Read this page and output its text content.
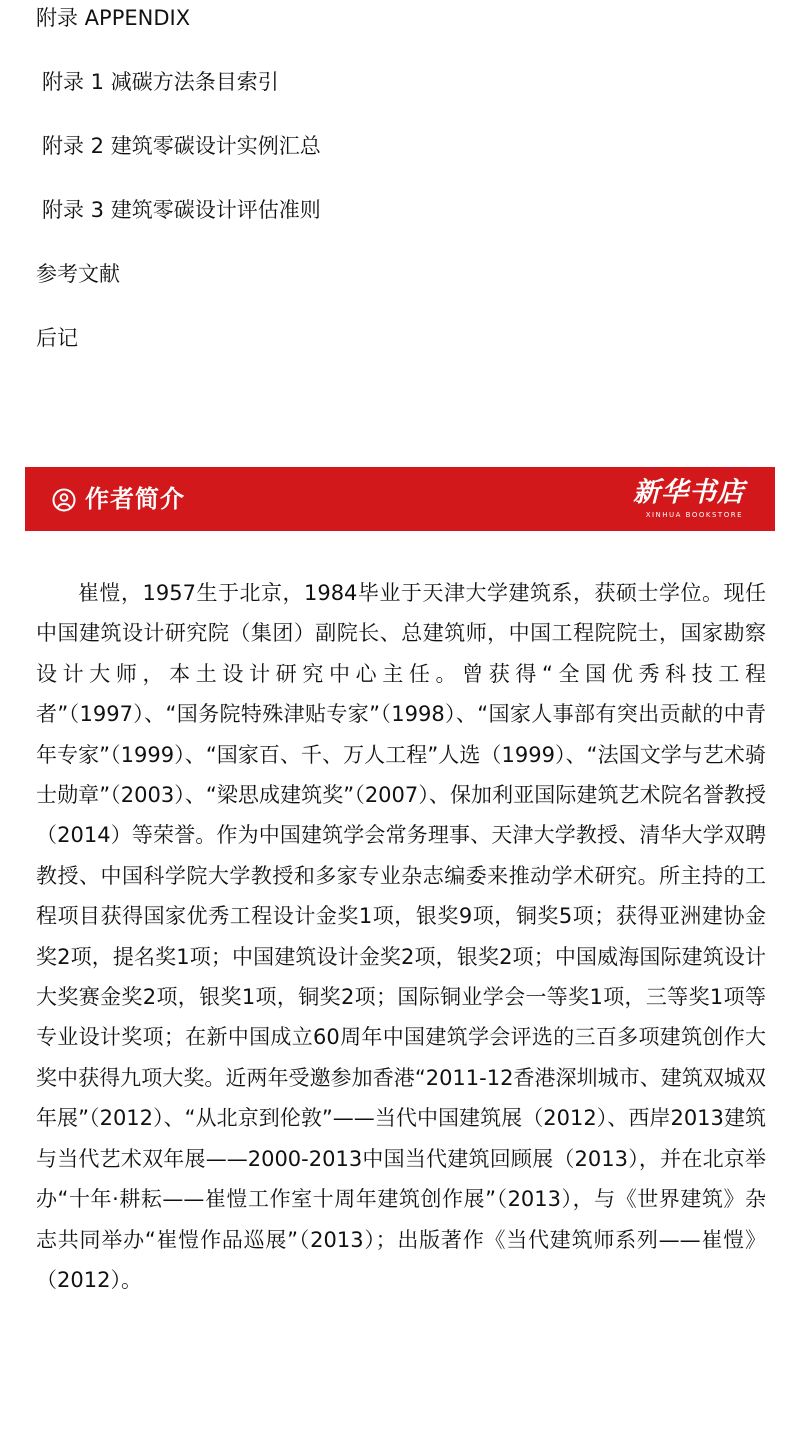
附录 APPENDIX
附录 1 减碳方法条目索引
附录 2 建筑零碳设计实例汇总
附录 3 建筑零碳设计评估准则
参考文献
后记
作者简介	新华书店
XINHUA BOOKSTORE

崔愷，1957生于北京，1984毕业于天津大学建筑系，获硕士学位。现任中国建筑设计研究院（集团）副院长、总建筑师，中国工程院院士，国家勘察设计大师，本土设计研究中心主任。曾获得“全国优秀科技工程者”（1997）、“国务院特殊津贴专家”（1998）、“国家人事部有突出贡献的中青年专家”（1999）、“国家百、千、万人工程”人选（1999）、“法国文学与艺术骑士勋章”（2003）、“梁思成建筑奖”（2007）、保加利亚国际建筑艺术院名誉教授（2014）等荣誉。作为中国建筑学会常务理事、天津大学教授、清华大学双聘教授、中国科学院大学教授和多家专业杂志编委来推动学术研究。所主持的工程项目获得国家优秀工程设计金奖1项，银奖9项，铜奖5项；获得亚洲建协金奖2项，提名奖1项；中国建筑设计金奖2项，银奖2项；中国威海国际建筑设计大奖赛金奖2项，银奖1项，铜奖2项；国际铜业学会一等奖1项，三等奖1项等专业设计奖项；在新中国成立60周年中国建筑学会评选的三百多项建筑创作大奖中获得九项大奖。近两年受邀参加香港“2011-12香港深圳城市、建筑双城双年展”（2012）、“从北京到伦敦”——当代中国建筑展（2012）、西岸2013建筑与当代艺术双年展——2000-2013中国当代建筑回顾展（2013），并在北京举办“十年·耕耘——崔愷工作室十周年建筑创作展”（2013），与《世界建筑》杂志共同举办“崔愷作品巡展”（2013）；出版著作《当代建筑师系列——崔愷》（2012）。
